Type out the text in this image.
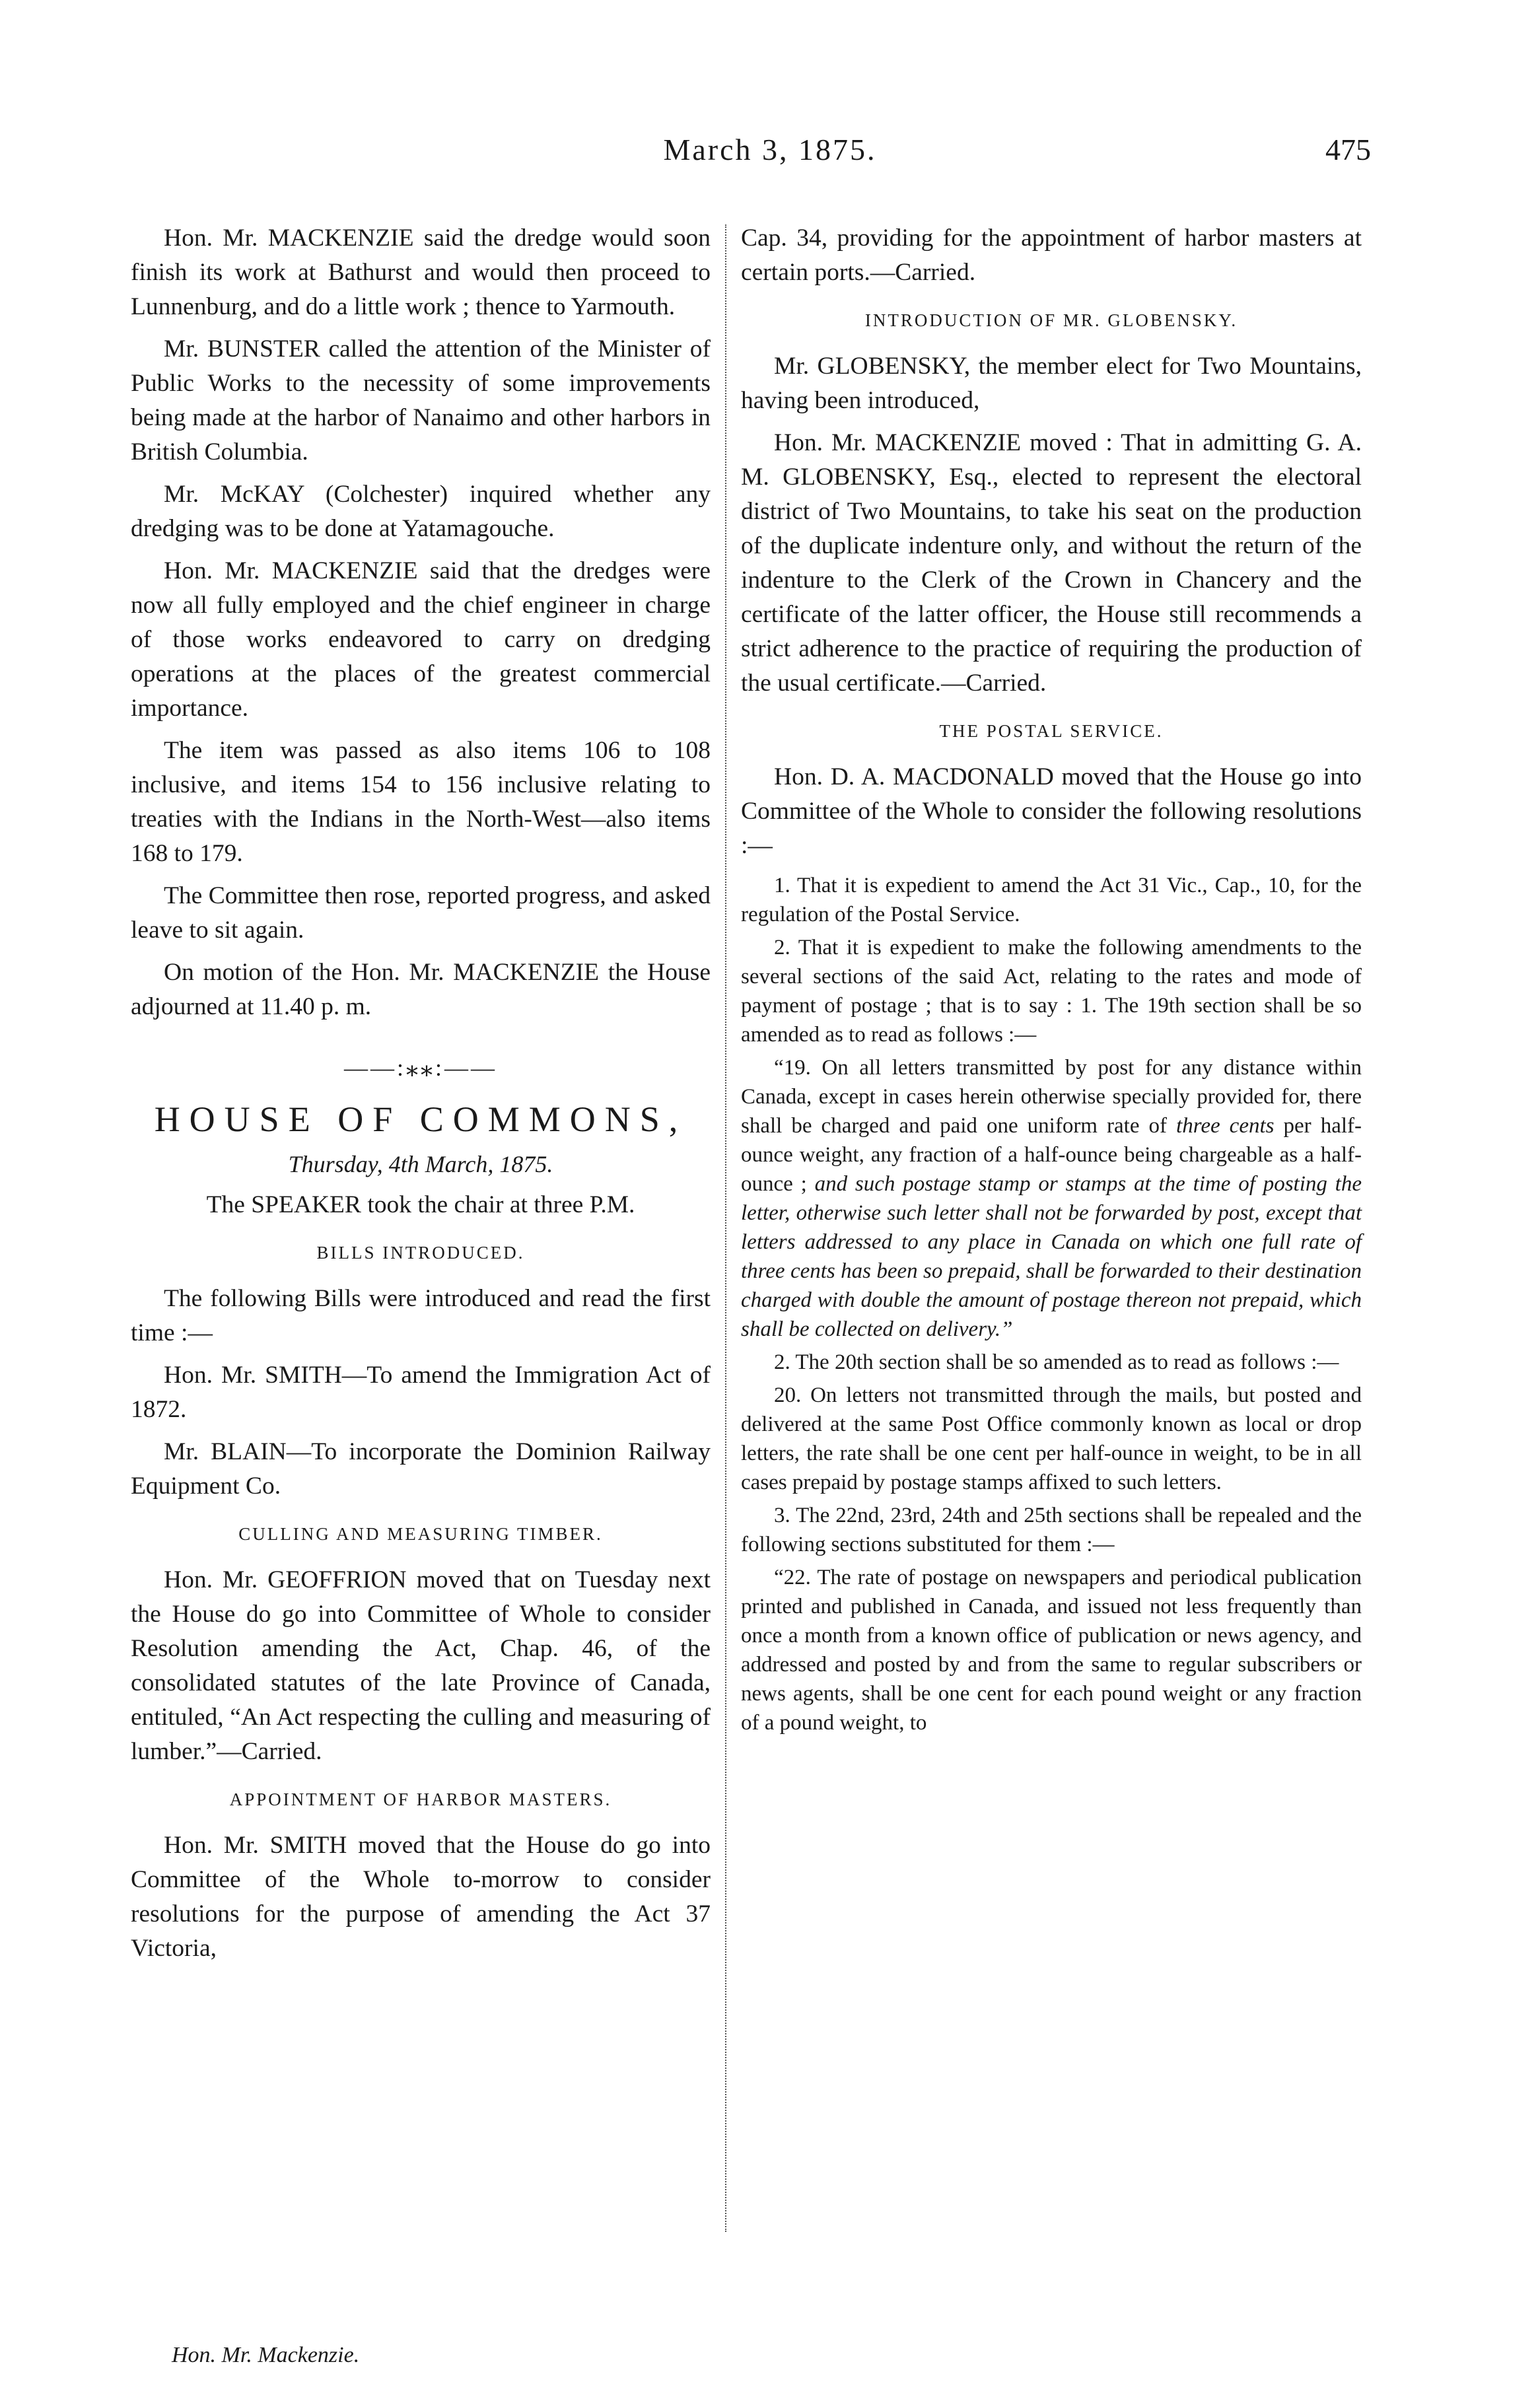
March 3, 1875.	475

Hon. Mr. MACKENZIE said the dredge would soon finish its work at Bathurst and would then proceed to Lunnenburg, and do a little work ; thence to Yarmouth.

Mr. BUNSTER called the attention of the Minister of Public Works to the necessity of some improvements being made at the harbor of Nanaimo and other harbors in British Columbia.

Mr. McKAY (Colchester) inquired whether any dredging was to be done at Yatamagouche.

Hon. Mr. MACKENZIE said that the dredges were now all fully employed and the chief engineer in charge of those works endeavored to carry on dredging operations at the places of the greatest commercial importance.

The item was passed as also items 106 to 108 inclusive, and items 154 to 156 inclusive relating to treaties with the Indians in the North-West—also items 168 to 179.

The Committee then rose, reported progress, and asked leave to sit again.

On motion of the Hon. Mr. MACKENZIE the House adjourned at 11.40 p. m.

——:⁎⁎:——
HOUSE OF COMMONS,
Thursday, 4th March, 1875.

The SPEAKER took the chair at three P.M.

BILLS INTRODUCED.

The following Bills were introduced and read the first time :—

Hon. Mr. SMITH—To amend the Immigration Act of 1872.

Mr. BLAIN—To incorporate the Dominion Railway Equipment Co.

CULLING AND MEASURING TIMBER.

Hon. Mr. GEOFFRION moved that on Tuesday next the House do go into Committee of Whole to consider Resolution amending the Act, Chap. 46, of the consolidated statutes of the late Province of Canada, entituled, “An Act respecting the culling and measuring of lumber.”—Carried.

APPOINTMENT OF HARBOR MASTERS.

Hon. Mr. SMITH moved that the House do go into Committee of the Whole to-morrow to consider resolutions for the purpose of amending the Act 37 Victoria,

Cap. 34, providing for the appointment of harbor masters at certain ports.—Carried.

INTRODUCTION OF MR. GLOBENSKY.

Mr. GLOBENSKY, the member elect for Two Mountains, having been introduced,

Hon. Mr. MACKENZIE moved : That in admitting G. A. M. GLOBENSKY, Esq., elected to represent the electoral district of Two Mountains, to take his seat on the production of the duplicate indenture only, and without the return of the indenture to the Clerk of the Crown in Chancery and the certificate of the latter officer, the House still recommends a strict adherence to the practice of requiring the production of the usual certificate.—Carried.

THE POSTAL SERVICE.

Hon. D. A. MACDONALD moved that the House go into Committee of the Whole to consider the following resolutions :—

1. That it is expedient to amend the Act 31 Vic., Cap., 10, for the regulation of the Postal Service.

2. That it is expedient to make the following amendments to the several sections of the said Act, relating to the rates and mode of payment of postage ; that is to say : 1. The 19th section shall be so amended as to read as follows :—

“19. On all letters transmitted by post for any distance within Canada, except in cases herein otherwise specially provided for, there shall be charged and paid one uniform rate of three cents per half-ounce weight, any fraction of a half-ounce being chargeable as a half-ounce ; and such postage stamp or stamps at the time of posting the letter, otherwise such letter shall not be forwarded by post, except that letters addressed to any place in Canada on which one full rate of three cents has been so prepaid, shall be forwarded to their destination charged with double the amount of postage thereon not prepaid, which shall be collected on delivery.”

2. The 20th section shall be so amended as to read as follows :—

20. On letters not transmitted through the mails, but posted and delivered at the same Post Office commonly known as local or drop letters, the rate shall be one cent per half-ounce in weight, to be in all cases prepaid by postage stamps affixed to such letters.

3. The 22nd, 23rd, 24th and 25th sections shall be repealed and the following sections substituted for them :—

“22. The rate of postage on newspapers and periodical publication printed and published in Canada, and issued not less frequently than once a month from a known office of publication or news agency, and addressed and posted by and from the same to regular subscribers or news agents, shall be one cent for each pound weight or any fraction of a pound weight, to

Hon. Mr. Mackenzie.
